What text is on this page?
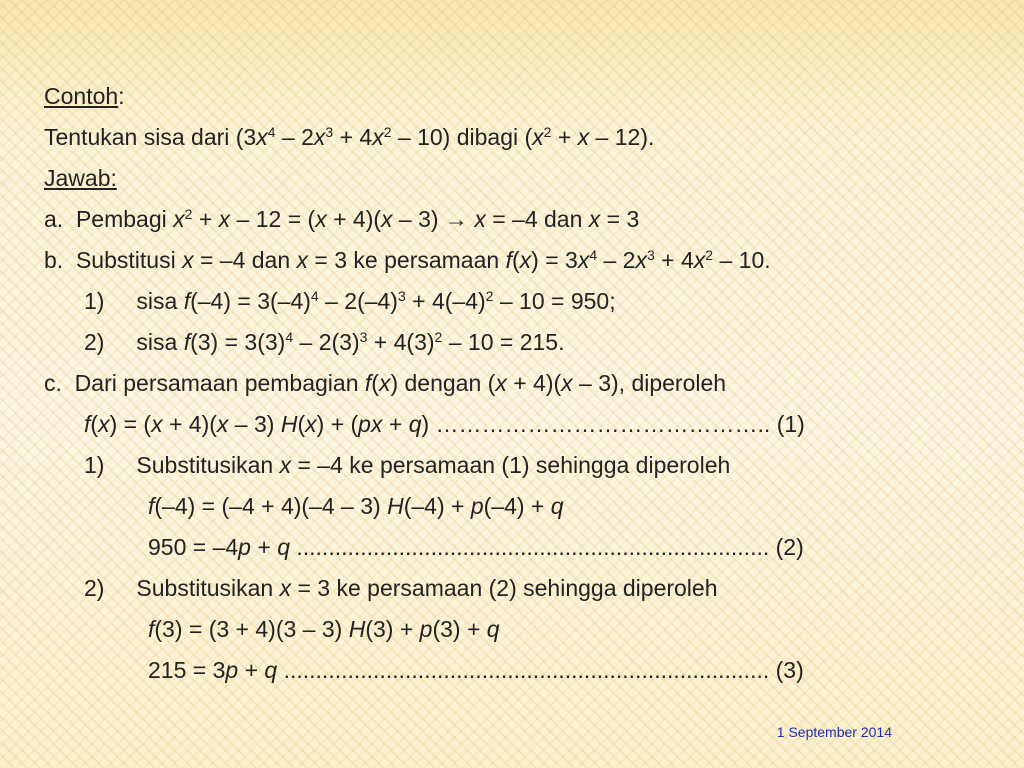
Contoh:
Tentukan sisa dari $(3x^4 - 2x^3 + 4x^2 - 10)$ dibagi $(x^2 + x - 12)$.
Jawab:
a.  Pembagi $x^2 + x - 12 = (x + 4)(x - 3) \to x = -4$ dan x = 3
b.  Substitusi x = –4 dan x = 3 ke persamaan $f(x) = 3x^4 - 2x^3 + 4x^2 - 10$.
1)     sisa $f(-4) = 3(-4)^4 - 2(-4)^3 + 4(-4)^2 - 10 = 950$;
2)     sisa $f(3) = 3(3)^4 - 2(3)^3 + 4(3)^2 - 10 = 215$.
c.  Dari persamaan pembagian f(x) dengan (x + 4)(x – 3), diperoleh
f(x) = (x + 4)(x – 3) H(x) + (px + q) …………………………………….. (1)
1)     Substitusikan x = –4 ke persamaan (1) sehingga diperoleh
f(–4) = (–4 + 4)(–4 – 3) H(–4) + p(–4) + q
950 = –4p + q .......................................................................... (2)
2)     Substitusikan x = 3 ke persamaan (2) sehingga diperoleh
f(3) = (3 + 4)(3 – 3) H(3) + p(3) + q
215 = 3p + q ............................................................................ (3)
1 September 2014
